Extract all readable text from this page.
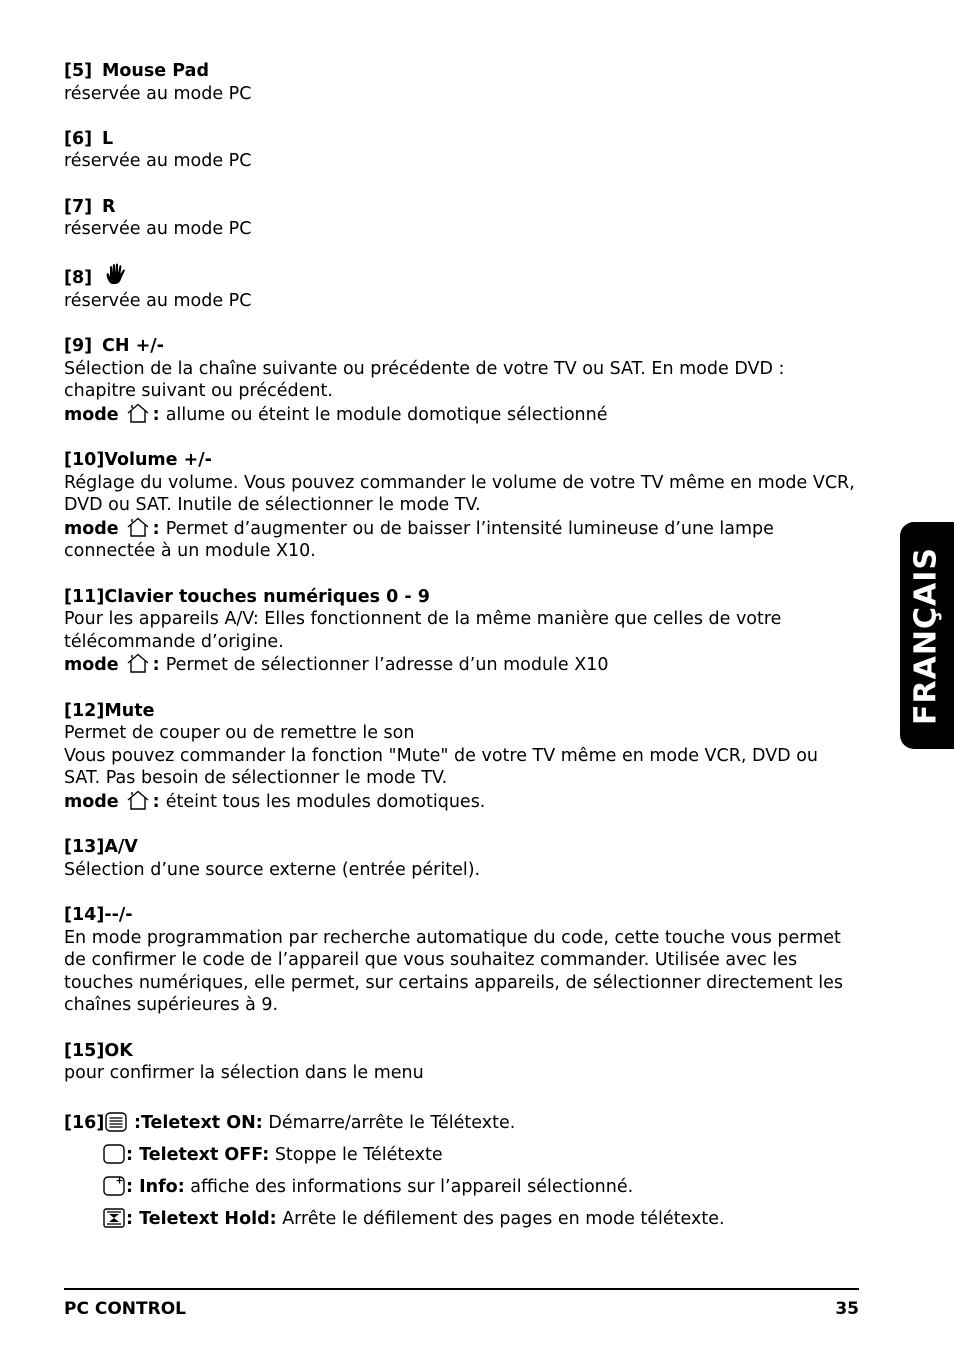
[5] Mouse Pad
réservée au mode PC
[6] L
réservée au mode PC
[7] R
réservée au mode PC
[8]
réservée au mode PC
[9] CH +/-
Sélection de la chaîne suivante ou précédente de votre TV ou SAT. En mode DVD :
chapitre suivant ou précédent.
mode : allume ou éteint le module domotique sélectionné
[10]Volume +/-
Réglage du volume. Vous pouvez commander le volume de votre TV même en mode VCR,
DVD ou SAT. Inutile de sélectionner le mode TV.
mode : Permet d’augmenter ou de baisser l’intensité lumineuse d’une lampe
connectée à un module X10.
[11]Clavier touches numériques 0 - 9
Pour les appareils A/V: Elles fonctionnent de la même manière que celles de votre
télécommande d’origine.
mode : Permet de sélectionner l’adresse d’un module X10
[12]Mute
Permet de couper ou de remettre le son
Vous pouvez commander la fonction "Mute" de votre TV même en mode VCR, DVD ou
SAT. Pas besoin de sélectionner le mode TV.
mode : éteint tous les modules domotiques.
[13]A/V
Sélection d’une source externe (entrée péritel).
[14]--/-
En mode programmation par recherche automatique du code, cette touche vous permet
de confirmer le code de l’appareil que vous souhaitez commander. Utilisée avec les
touches numériques, elle permet, sur certains appareils, de sélectionner directement les
chaînes supérieures à 9.
[15]OK
pour confirmer la sélection dans le menu
[16] :Teletext ON: Démarre/arrête le Télétexte.
: Teletext OFF: Stoppe le Télétexte
: Info: affiche des informations sur l’appareil sélectionné.
: Teletext Hold: Arrête le défilement des pages en mode télétexte.
FRANÇAIS
PC CONTROL	35
